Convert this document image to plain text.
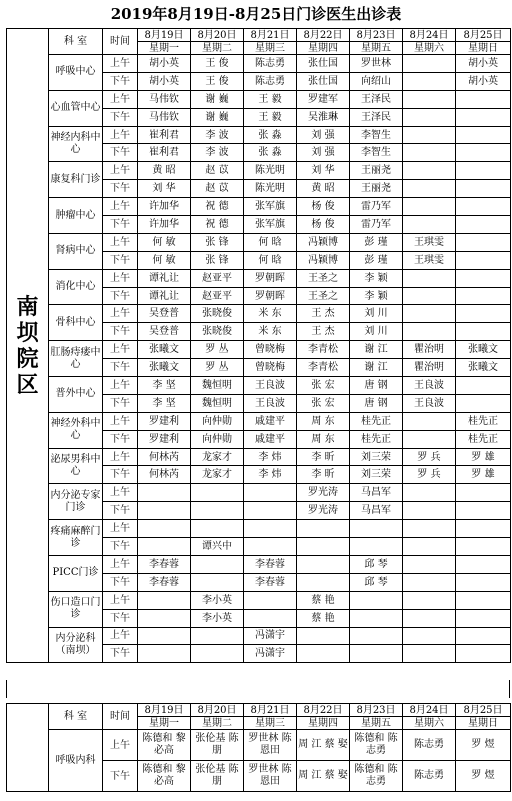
2019年8月19日-8月25日门诊医生出诊表
南坝院区	科 室	时间	8月19日	8月20日	8月21日	8月22日	8月23日	8月24日	8月25日
			星期一	星期二	星期三	星期四	星期五	星期六	星期日
	呼吸中心	上午	胡小英	王 俊	陈志勇	张仕国	罗世林		胡小英
		下午	胡小英	王 俊	陈志勇	张仕国	向绍山		胡小英
	心血管中心	上午	马伟钦	谢 巍	王 毅	罗建军	王泽民		
		下午	马伟钦	谢 巍	王 毅	吴淮琳	王泽民		
	神经内科中心	上午	崔利君	李 波	张 淼	刘 强	李智生		
		下午	崔利君	李 波	张 淼	刘 强	李智生		
	康复科门诊	上午	黄 昭	赵 苡	陈光明	刘 华	王丽尧		
		下午	刘 华	赵 苡	陈光明	黄 昭	王丽尧		
	肿瘤中心	上午	许加华	祝 德	张军旗	杨 俊	雷乃军		
		下午	许加华	祝 德	张军旗	杨 俊	雷乃军		
	肾病中心	上午	何 敏	张 锋	何 晗	冯颖博	彭 瑾	王琪雯	
		下午	何 敏	张 锋	何 晗	冯颖博	彭 瑾	王琪雯	
	消化中心	上午	谭礼让	赵亚平	罗朝晖	王圣之	李 颖		
		下午	谭礼让	赵亚平	罗朝晖	王圣之	李 颖		
	骨科中心	上午	吴登普	张晓俊	米 东	王 杰	刘 川		
		下午	吴登普	张晓俊	米 东	王 杰	刘 川		
	肛肠痔瘘中心	上午	张曦文	罗 丛	曾晓梅	李青松	谢 江	瞿治明	张曦文
		下午	张曦文	罗 丛	曾晓梅	李青松	谢 江	瞿治明	张曦文
	普外中心	上午	李 坚	魏恒明	王良波	张 宏	唐 钢	王良波	
		下午	李 坚	魏恒明	王良波	张 宏	唐 钢	王良波	
	神经外科中心	上午	罗建利	向仲勋	戚建平	周 东	桂先正		桂先正
		下午	罗建利	向仲勋	戚建平	周 东	桂先正		桂先正
	泌尿男科中心	上午	何林芮	龙家才	李 炜	李 昕	刘三荣	罗 兵	罗 雄
		下午	何林芮	龙家才	李 炜	李 昕	刘三荣	罗 兵	罗 雄
	内分泌专家门诊	上午				罗光涛	马昌军		
		下午				罗光涛	马昌军		
	疼痛麻醉门诊	上午							
		下午		谭兴中					
	PICC门诊	上午	李春蓉		李春蓉		邱 琴		
		下午	李春蓉		李春蓉		邱 琴		
	伤口造口门诊	上午		李小英		蔡 艳			
		下午		李小英		蔡 艳			
	内分泌科（南坝）	上午			冯潇宇				
		下午			冯潇宇				
	科 室	时间	8月19日	8月20日	8月21日	8月22日	8月23日	8月24日	8月25日
			星期一	星期二	星期三	星期四	星期五	星期六	星期日
	呼吸内科	上午	陈德和 黎必高	张伦基 陈 朋	罗世林 陈恩田	周 江 蔡 娶	陈德和 陈志勇	陈志勇	罗 煜
		下午	陈德和 黎必高	张伦基 陈 朋	罗世林 陈恩田	周 江 蔡 娶	陈德和 陈志勇	陈志勇	罗 煜
